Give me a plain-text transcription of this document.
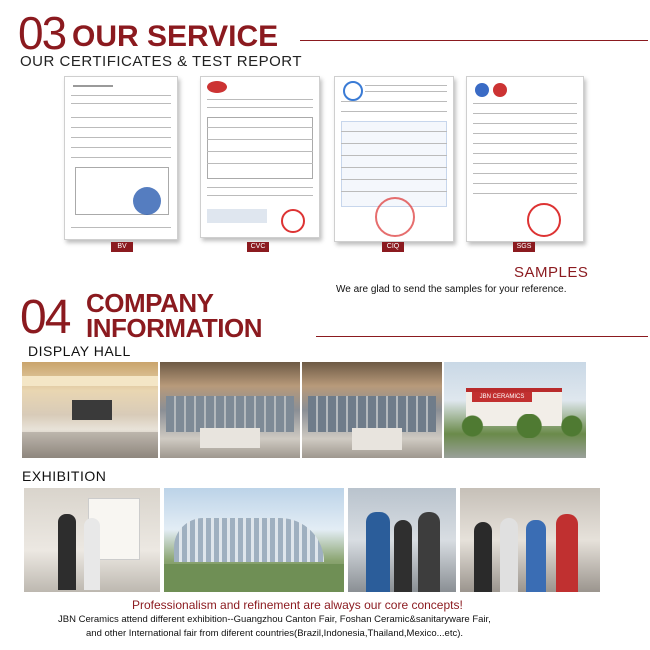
03 OUR SERVICE
OUR CERTIFICATES & TEST REPORT
BV	CVC	CIQ	SGS
SAMPLES
We are glad to send the samples for your reference.
04 COMPANY
INFORMATION
DISPLAY HALL
JBN CERAMICS
EXHIBITION
Professionalism and refinement are always our core concepts!
JBN Ceramics attend different exhibition--Guangzhou Canton Fair, Foshan Ceramic&sanitaryware Fair,
and other International fair from diferent countries(Brazil,Indonesia,Thailand,Mexico...etc).
